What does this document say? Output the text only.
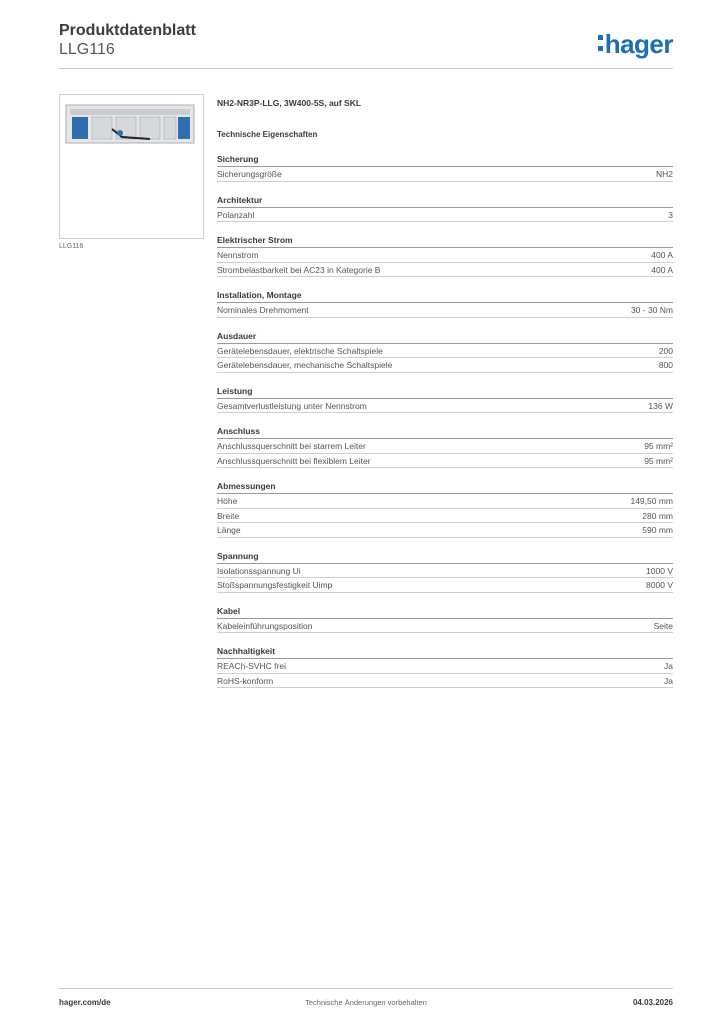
Produktdatenblatt
LLG116	hager
LLG116
NH2-NR3P-LLG, 3W400-5S, auf SKL
Technische Eigenschaften
Sicherung
Sicherungsgröße	NH2
Architektur
Polanzahl	3
Elektrischer Strom
Nennstrom	400 A
Strombelastbarkeit bei AC23 in Kategorie B	400 A
Installation, Montage
Nominales Drehmoment	30 - 30 Nm
Ausdauer
Gerätelebensdauer, elektrische Schaltspiele	200
Gerätelebensdauer, mechanische Schaltspiele	800
Leistung
Gesamtverlustleistung unter Nennstrom	136 W
Anschluss
Anschlussquerschnitt bei starrem Leiter	95 mm²
Anschlussquerschnitt bei flexiblem Leiter	95 mm²
Abmessungen
Höhe	149,50 mm
Breite	280 mm
Länge	590 mm
Spannung
Isolationsspannung Ui	1000 V
Stoßspannungsfestigkeit Uimp	8000 V
Kabel
Kabeleinführungsposition	Seite
Nachhaltigkeit
REACh-SVHC frei	Ja
RoHS-konform	Ja
hager.com/de	Technische Änderungen vorbehalten	04.03.2026
